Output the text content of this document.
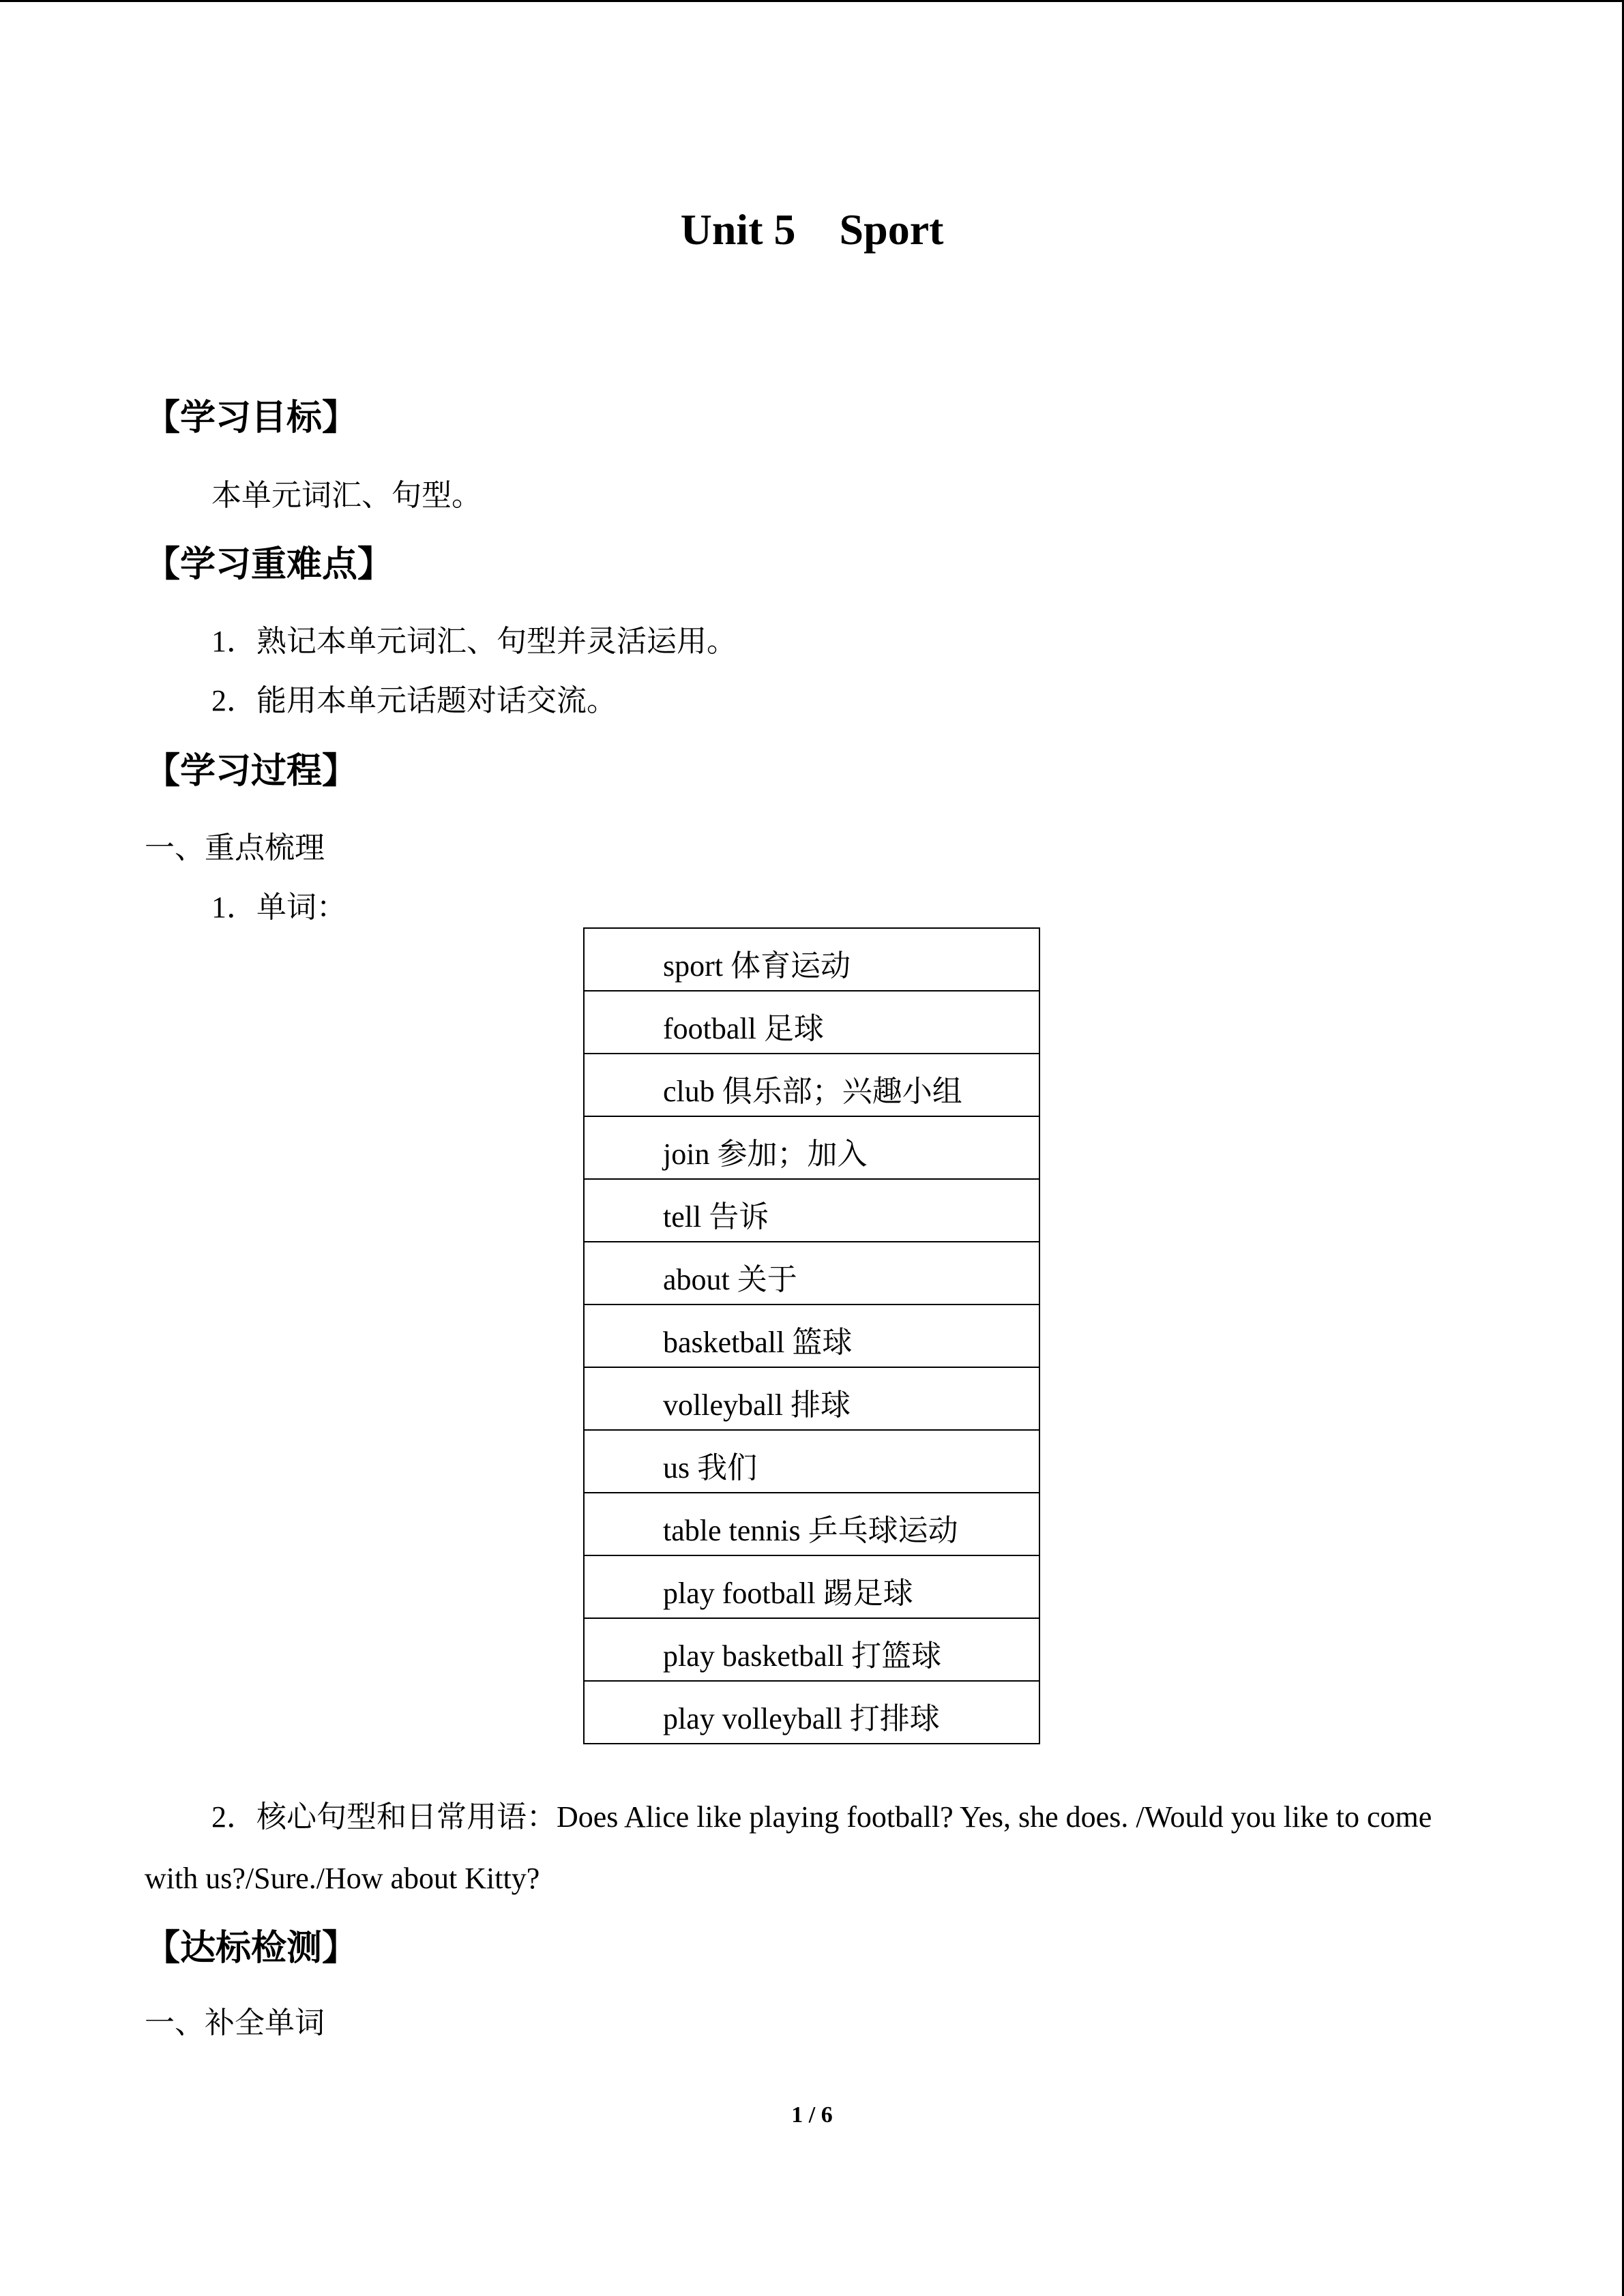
Unit 5    Sport
【学习目标】
本单元词汇、句型。
【学习重难点】
1．熟记本单元词汇、句型并灵活运用。
2．能用本单元话题对话交流。
【学习过程】
一、重点梳理
1．单词：
sport 体育运动
football 足球
club 俱乐部；兴趣小组
join 参加；加入
tell 告诉
about 关于
basketball 篮球
volleyball 排球
us 我们
table tennis 乒乓球运动
play football 踢足球
play basketball 打篮球
play volleyball 打排球
2．核心句型和日常用语：Does Alice like playing football? Yes, she does. /Would you like to come with us?/Sure./How about Kitty?
【达标检测】
一、补全单词
1 / 6
